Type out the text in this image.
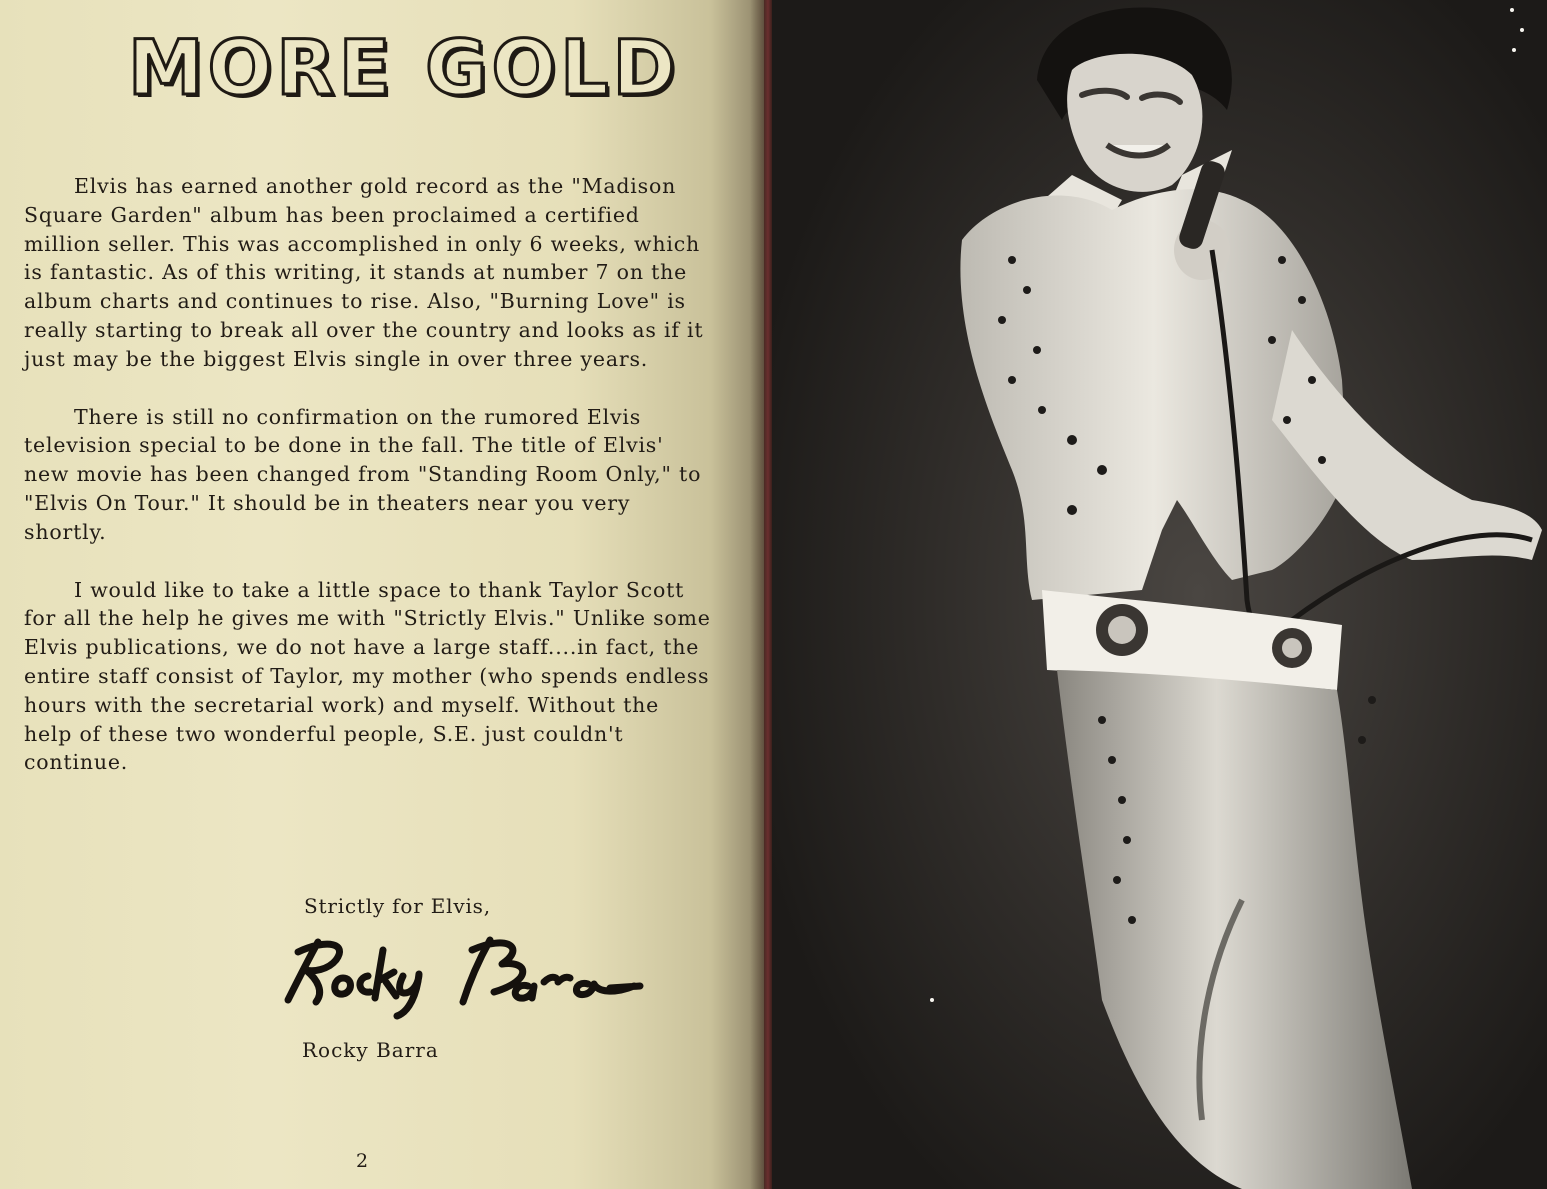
MORE GOLD

Elvis has earned another gold record as the "Madison Square Garden" album has been proclaimed a certified million seller. This was accomplished in only 6 weeks, which is fantastic. As of this writing, it stands at number 7 on the album charts and continues to rise. Also, "Burning Love" is really starting to break all over the country and looks as if it just may be the biggest Elvis single in over three years.

There is still no confirmation on the rumored Elvis television special to be done in the fall. The title of Elvis' new movie has been changed from "Standing Room Only," to "Elvis On Tour." It should be in theaters near you very shortly.

I would like to take a little space to thank Taylor Scott for all the help he gives me with "Strictly Elvis." Unlike some Elvis publications, we do not have a large staff....in fact, the entire staff consist of Taylor, my mother (who spends endless hours with the secretarial work) and myself. Without the help of these two wonderful people, S.E. just couldn't continue.

Strictly for Elvis,
Rocky Barra
2
